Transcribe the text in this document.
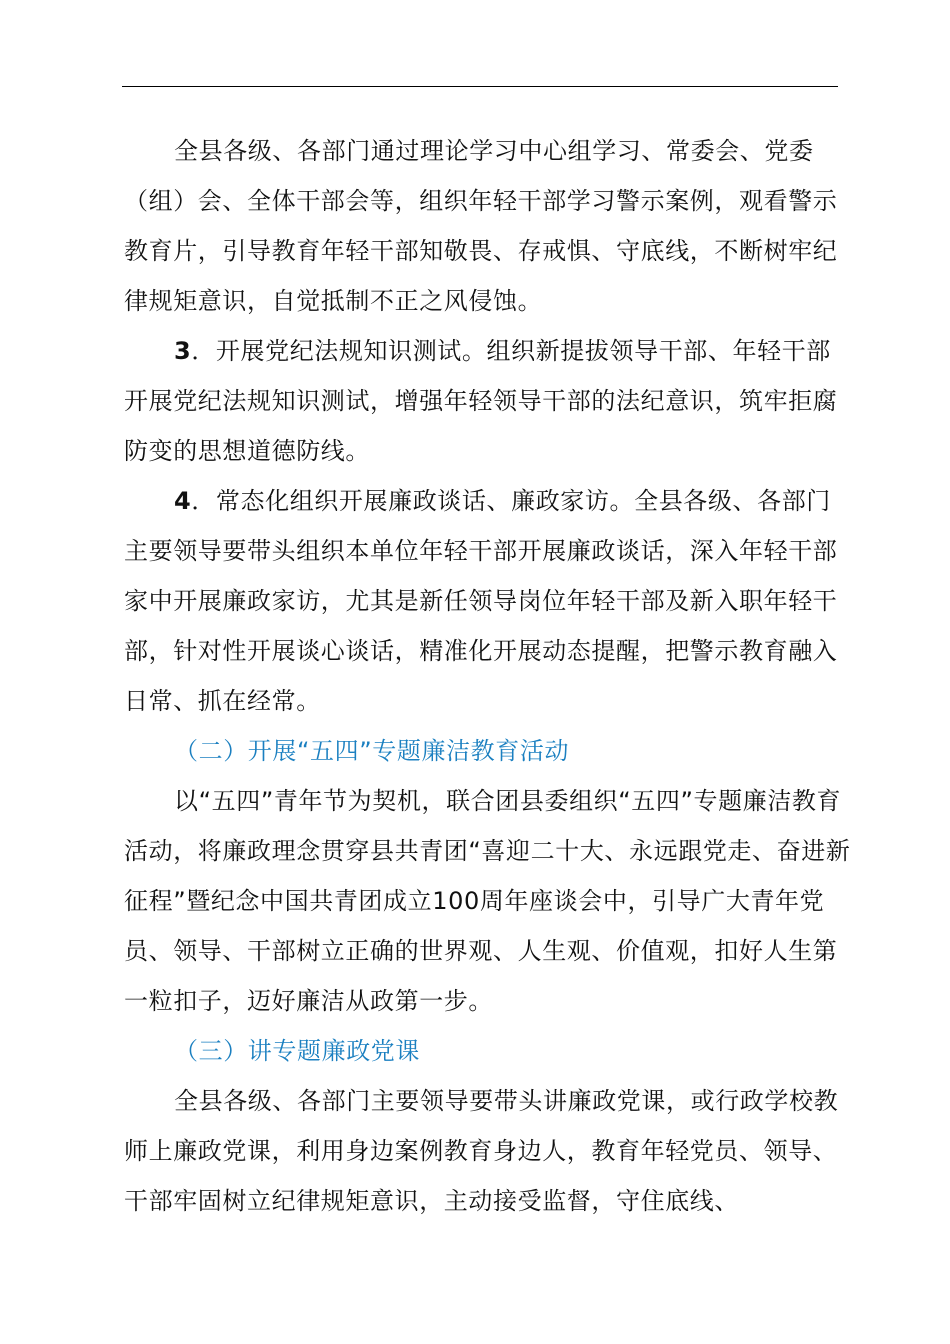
全县各级、各部门通过理论学习中心组学习、常委会、党委（组）会、全体干部会等，组织年轻干部学习警示案例，观看警示教育片，引导教育年轻干部知敬畏、存戒惧、守底线，不断树牢纪律规矩意识，自觉抵制不正之风侵蚀。

3．开展党纪法规知识测试。组织新提拔领导干部、年轻干部开展党纪法规知识测试，增强年轻领导干部的法纪意识，筑牢拒腐防变的思想道德防线。

4．常态化组织开展廉政谈话、廉政家访。全县各级、各部门主要领导要带头组织本单位年轻干部开展廉政谈话，深入年轻干部家中开展廉政家访，尤其是新任领导岗位年轻干部及新入职年轻干部，针对性开展谈心谈话，精准化开展动态提醒，把警示教育融入日常、抓在经常。

（二）开展“五四”专题廉洁教育活动

以“五四”青年节为契机，联合团县委组织“五四”专题廉洁教育活动，将廉政理念贯穿县共青团“喜迎二十大、永远跟党走、奋进新征程”暨纪念中国共青团成立100周年座谈会中，引导广大青年党员、领导、干部树立正确的世界观、人生观、价值观，扣好人生第一粒扣子，迈好廉洁从政第一步。

（三）讲专题廉政党课

全县各级、各部门主要领导要带头讲廉政党课，或行政学校教师上廉政党课，利用身边案例教育身边人，教育年轻党员、领导、干部牢固树立纪律规矩意识，主动接受监督，守住底线、
